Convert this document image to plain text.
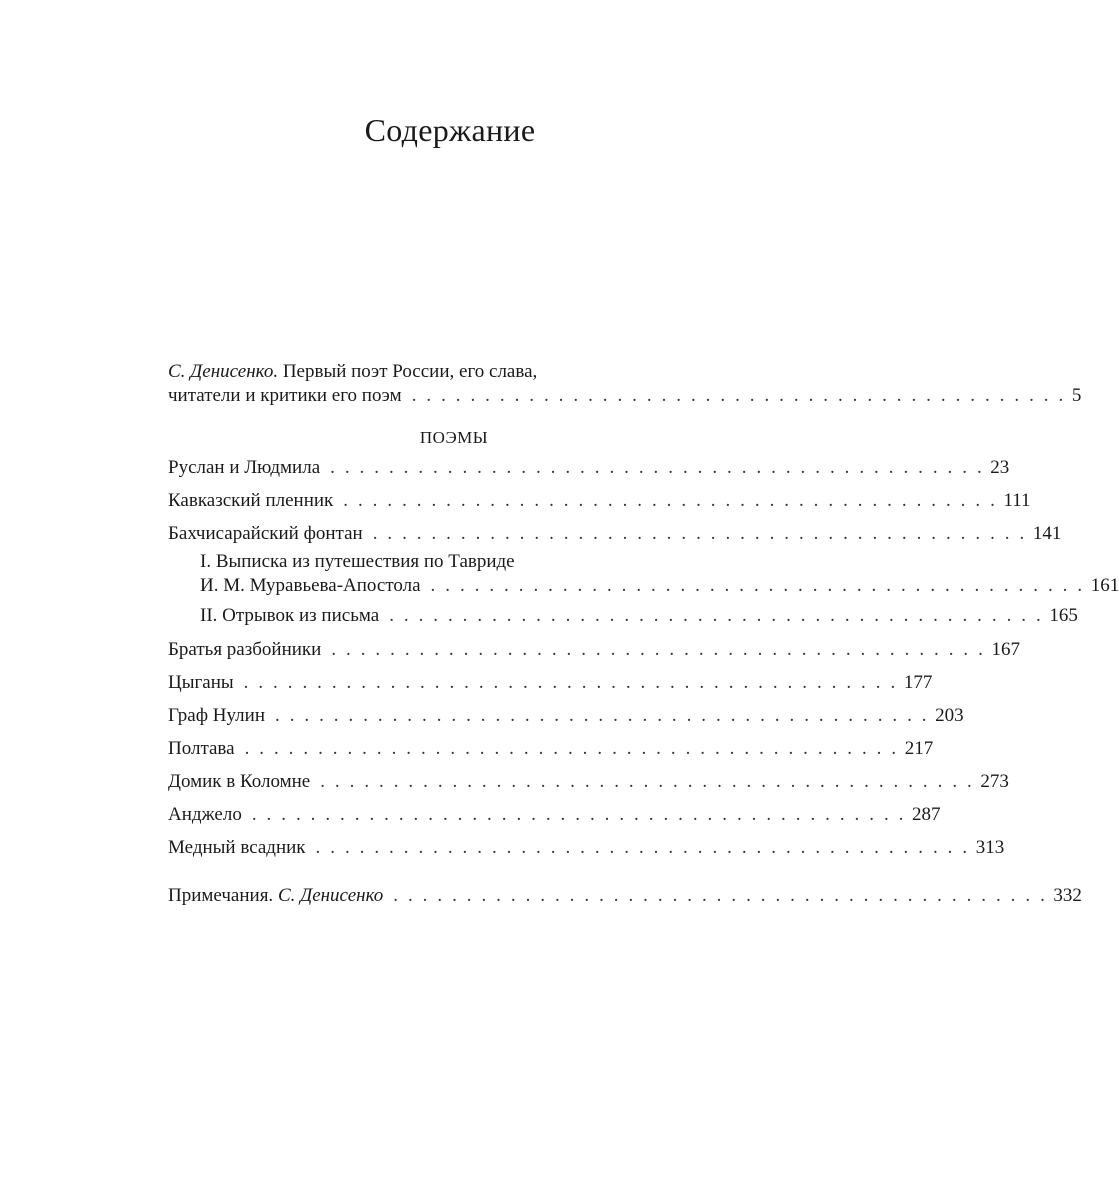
Содержание
С. Денисенко. Первый поэт России, его слава,
читатели и критики его поэм . . . . . . . . . . . . . . . . . . . . . . . . . . . . . . . . . . . . . . . . . . . . . 5
ПОЭМЫ
Руслан и Людмила . . . . . . . . . . . . . . . . . . . . . . . . . . . . . . . . . . . . . . . . . . . . . 23
Кавказский пленник . . . . . . . . . . . . . . . . . . . . . . . . . . . . . . . . . . . . . . . . . . . . . 111
Бахчисарайский фонтан . . . . . . . . . . . . . . . . . . . . . . . . . . . . . . . . . . . . . . . . . . . . . 141
I. Выписка из путешествия по Тавриде
И. М. Муравьева-Апостола . . . . . . . . . . . . . . . . . . . . . . . . . . . . . . . . . . . . . . . . . . . . . 161
II. Отрывок из письма . . . . . . . . . . . . . . . . . . . . . . . . . . . . . . . . . . . . . . . . . . . . . 165
Братья разбойники . . . . . . . . . . . . . . . . . . . . . . . . . . . . . . . . . . . . . . . . . . . . . 167
Цыганы . . . . . . . . . . . . . . . . . . . . . . . . . . . . . . . . . . . . . . . . . . . . . 177
Граф Нулин . . . . . . . . . . . . . . . . . . . . . . . . . . . . . . . . . . . . . . . . . . . . . 203
Полтава . . . . . . . . . . . . . . . . . . . . . . . . . . . . . . . . . . . . . . . . . . . . . 217
Домик в Коломне . . . . . . . . . . . . . . . . . . . . . . . . . . . . . . . . . . . . . . . . . . . . . 273
Анджело . . . . . . . . . . . . . . . . . . . . . . . . . . . . . . . . . . . . . . . . . . . . . 287
Медный всадник . . . . . . . . . . . . . . . . . . . . . . . . . . . . . . . . . . . . . . . . . . . . . 313
Примечания. С. Денисенко . . . . . . . . . . . . . . . . . . . . . . . . . . . . . . . . . . . . . . . . . . . . . 332
